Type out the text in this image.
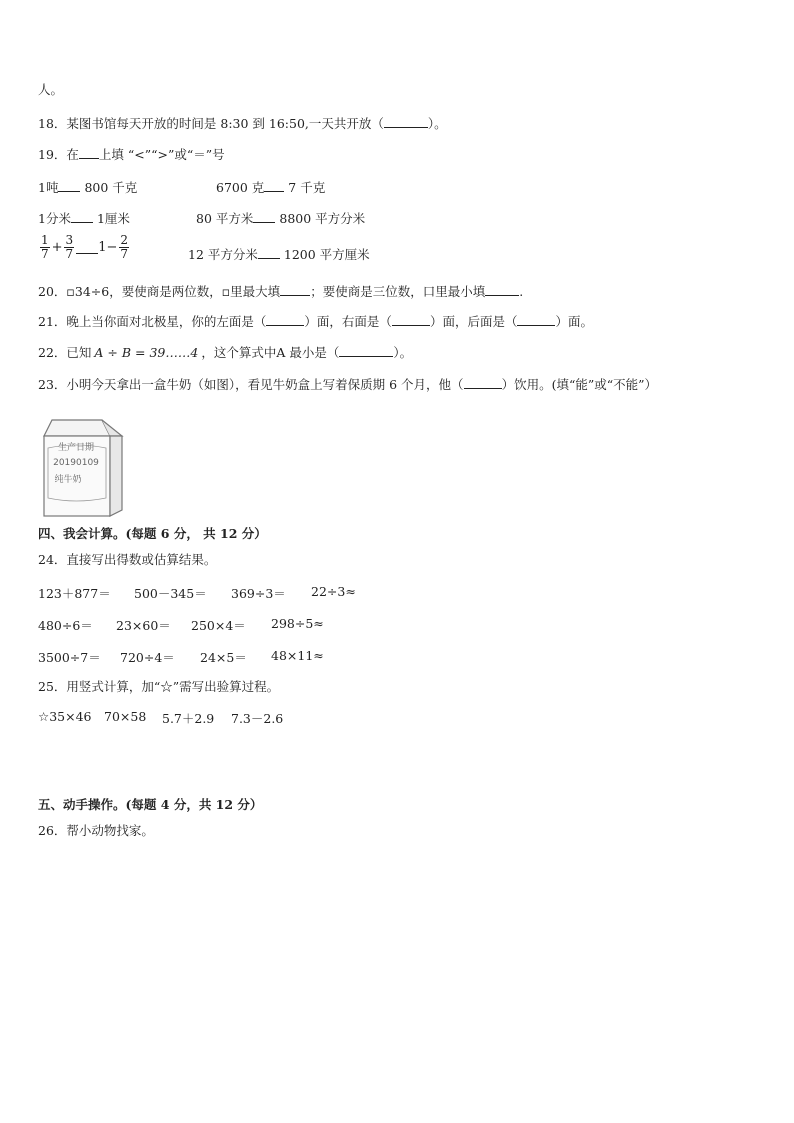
人。
18．某图书馆每天开放的时间是 8:30 到 16:50,一天共开放（	）。
19．在 上填 “<”“>”或“＝”号
1吨 800 千克	6700 克 7 千克
1分米 1厘米	80 平方米 8800 平方分米
$\frac{1}{7} + \frac{3}{7} 1- \frac{2}{7}$	12 平方分米 1200 平方厘米
20．▫34÷6，要使商是两位数，▫里最大填 ；要使商是三位数，口里最小填	.
21．晚上当你面对北极星，你的左面是（	）面，右面是（	）面，后面是（	）面。
22．已知 A ÷ B = 39……4 ，这个算式中A 最小是（	）。
23．小明今天拿出一盒牛奶（如图），看见牛奶盒上写着保质期 6 个月，他（	）饮用。(填“能”或“不能”）
生产日期
20190109
纯牛奶
四、我会计算。(每题 6 分， 共 12 分）
24．直接写出得数或估算结果。
123＋877＝ 500－345＝ 369÷3＝ 22÷3≈
480÷6＝ 23×60＝ 250×4＝ 298÷5≈
3500÷7＝ 720÷4＝ 24×5＝ 48×11≈
25．用竖式计算，加“☆”需写出验算过程。
☆35×46 70×58 5.7＋2.9 7.3－2.6
五、动手操作。(每题 4 分，共 12 分）
26．帮小动物找家。
